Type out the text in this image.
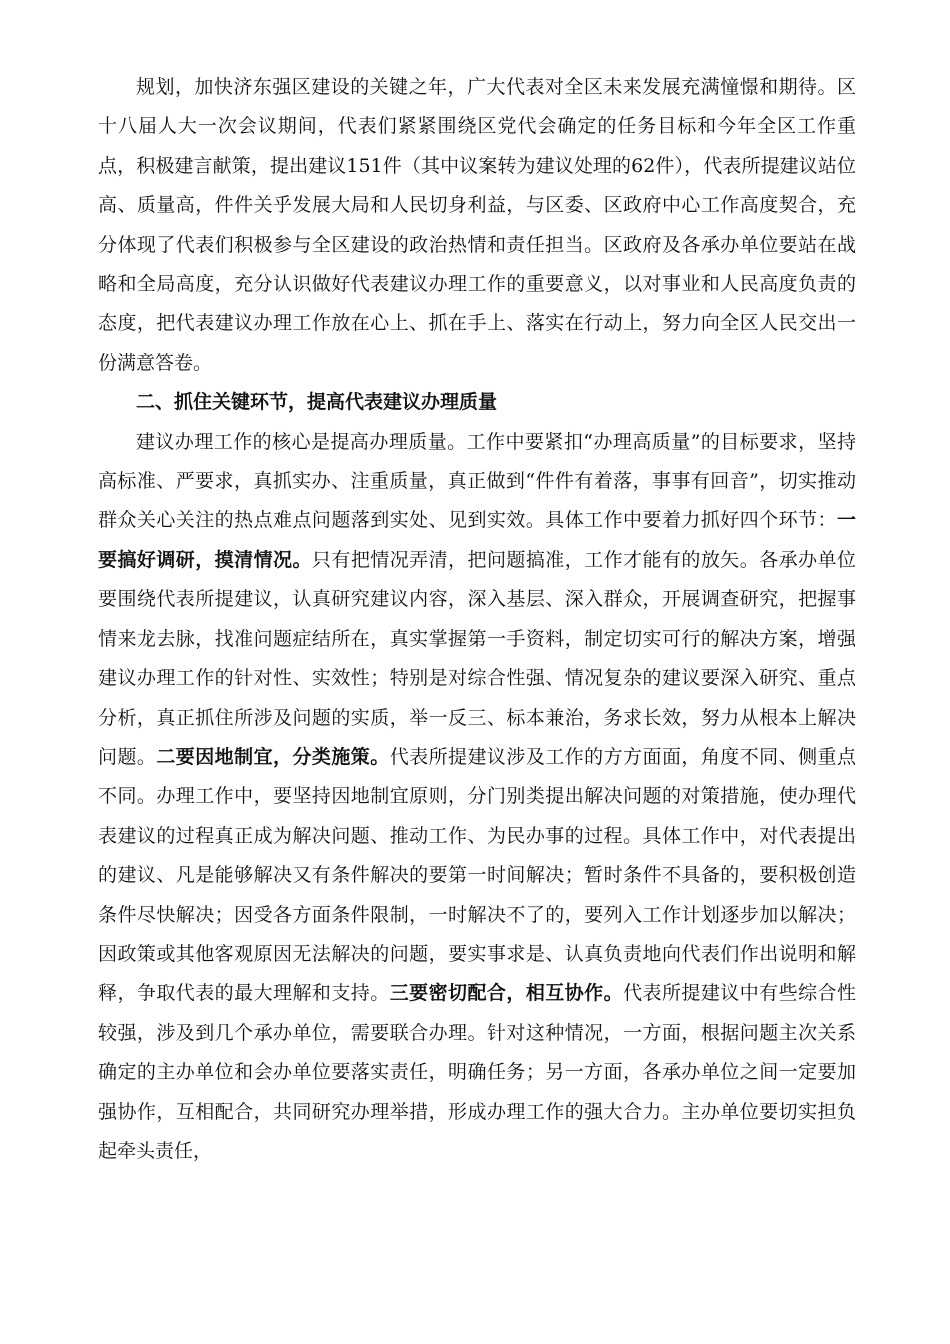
规划，加快济东强区建设的关键之年，广大代表对全区未来发展充满憧憬和期待。区十八届人大一次会议期间，代表们紧紧围绕区党代会确定的任务目标和今年全区工作重点，积极建言献策，提出建议151件（其中议案转为建议处理的62件），代表所提建议站位高、质量高，件件关乎发展大局和人民切身利益，与区委、区政府中心工作高度契合，充分体现了代表们积极参与全区建设的政治热情和责任担当。区政府及各承办单位要站在战略和全局高度，充分认识做好代表建议办理工作的重要意义，以对事业和人民高度负责的态度，把代表建议办理工作放在心上、抓在手上、落实在行动上，努力向全区人民交出一份满意答卷。

二、抓住关键环节，提高代表建议办理质量

建议办理工作的核心是提高办理质量。工作中要紧扣“办理高质量”的目标要求，坚持高标准、严要求，真抓实办、注重质量，真正做到“件件有着落，事事有回音”，切实推动群众关心关注的热点难点问题落到实处、见到实效。具体工作中要着力抓好四个环节：一要搞好调研，摸清情况。只有把情况弄清，把问题搞准，工作才能有的放矢。各承办单位要围绕代表所提建议，认真研究建议内容，深入基层、深入群众，开展调查研究，把握事情来龙去脉，找准问题症结所在，真实掌握第一手资料，制定切实可行的解决方案，增强建议办理工作的针对性、实效性；特别是对综合性强、情况复杂的建议要深入研究、重点分析，真正抓住所涉及问题的实质，举一反三、标本兼治，务求长效，努力从根本上解决问题。二要因地制宜，分类施策。代表所提建议涉及工作的方方面面，角度不同、侧重点不同。办理工作中，要坚持因地制宜原则，分门别类提出解决问题的对策措施，使办理代表建议的过程真正成为解决问题、推动工作、为民办事的过程。具体工作中，对代表提出的建议、凡是能够解决又有条件解决的要第一时间解决；暂时条件不具备的，要积极创造条件尽快解决；因受各方面条件限制，一时解决不了的，要列入工作计划逐步加以解决；因政策或其他客观原因无法解决的问题，要实事求是、认真负责地向代表们作出说明和解释，争取代表的最大理解和支持。三要密切配合，相互协作。代表所提建议中有些综合性较强，涉及到几个承办单位，需要联合办理。针对这种情况，一方面，根据问题主次关系确定的主办单位和会办单位要落实责任，明确任务；另一方面，各承办单位之间一定要加强协作，互相配合，共同研究办理举措，形成办理工作的强大合力。主办单位要切实担负起牵头责任，
